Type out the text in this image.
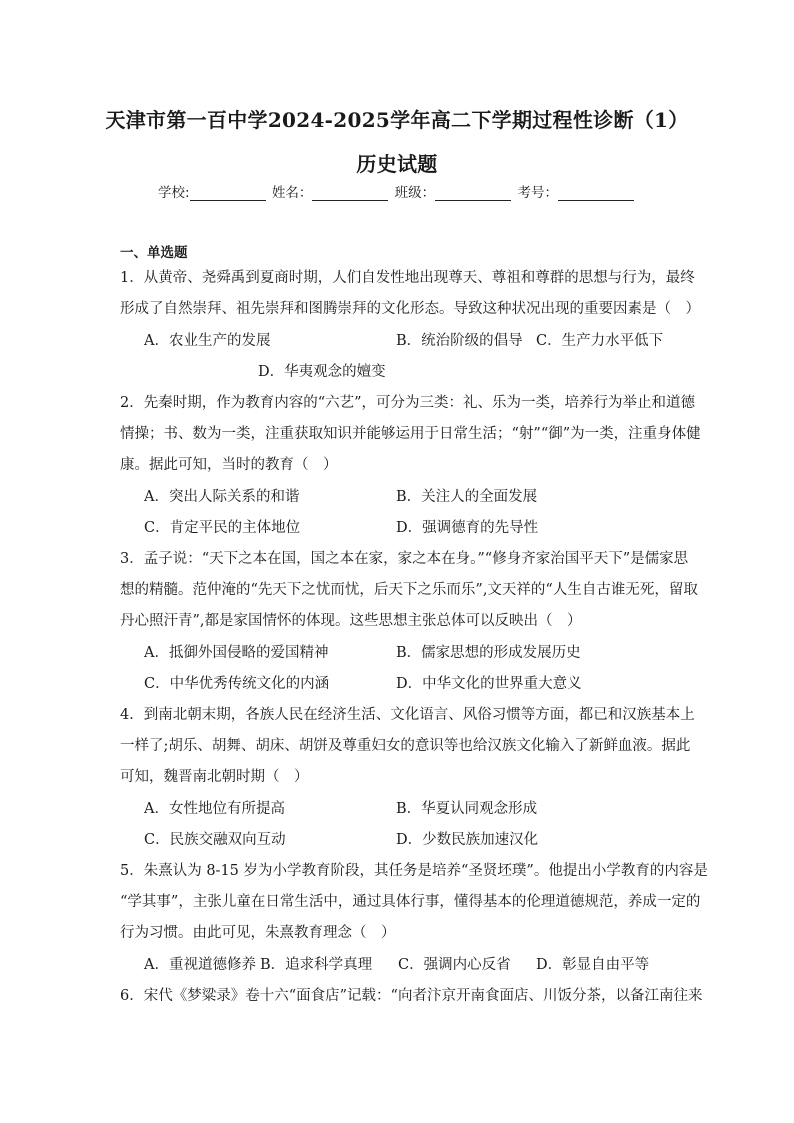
天津市第一百中学2024-2025学年高二下学期过程性诊断（1）
历史试题
学校:	姓名：	班级：	考号：
一、单选题
1．从黄帝、尧舜禹到夏商时期，人们自发性地出现尊天、尊祖和尊群的思想与行为，最终
形成了自然崇拜、祖先崇拜和图腾崇拜的文化形态。导致这种状况出现的重要因素是（　）
A．农业生产的发展	B．统治阶级的倡导 C．生产力水平低下
D．华夷观念的嬗变
2．先秦时期，作为教育内容的“六艺”，可分为三类：礼、乐为一类，培养行为举止和道德
情操；书、数为一类，注重获取知识并能够运用于日常生活；“射”“御”为一类，注重身体健
康。据此可知，当时的教育（　）
A．突出人际关系的和谐	B．关注人的全面发展
C．肯定平民的主体地位	D．强调德育的先导性
3．孟子说：“天下之本在国，国之本在家，家之本在身。”“修身齐家治国平天下”是儒家思
想的精髓。范仲淹的“先天下之忧而忧，后天下之乐而乐”,文天祥的“人生自古谁无死，留取
丹心照汗青”,都是家国情怀的体现。这些思想主张总体可以反映出（　）
A．抵御外国侵略的爱国精神	B．儒家思想的形成发展历史
C．中华优秀传统文化的内涵	D．中华文化的世界重大意义
4．到南北朝末期，各族人民在经济生活、文化语言、风俗习惯等方面，都已和汉族基本上
一样了;胡乐、胡舞、胡床、胡饼及尊重妇女的意识等也给汉族文化输入了新鲜血液。据此
可知，魏晋南北朝时期（　）
A．女性地位有所提高	B．华夏认同观念形成
C．民族交融双向互动	D．少数民族加速汉化
5．朱熹认为 8-15 岁为小学教育阶段，其任务是培养“圣贤坯璞”。他提出小学教育的内容是
“学其事”，主张儿童在日常生活中，通过具体行事，懂得基本的伦理道德规范，养成一定的
行为习惯。由此可见，朱熹教育理念（　）
A．重视道德修养 B．追求科学真理 C．强调内心反省 D．彰显自由平等
6．宋代《梦粱录》卷十六“面食店”记载：“向者汴京开南食面店、川饭分茶，以备江南往来
